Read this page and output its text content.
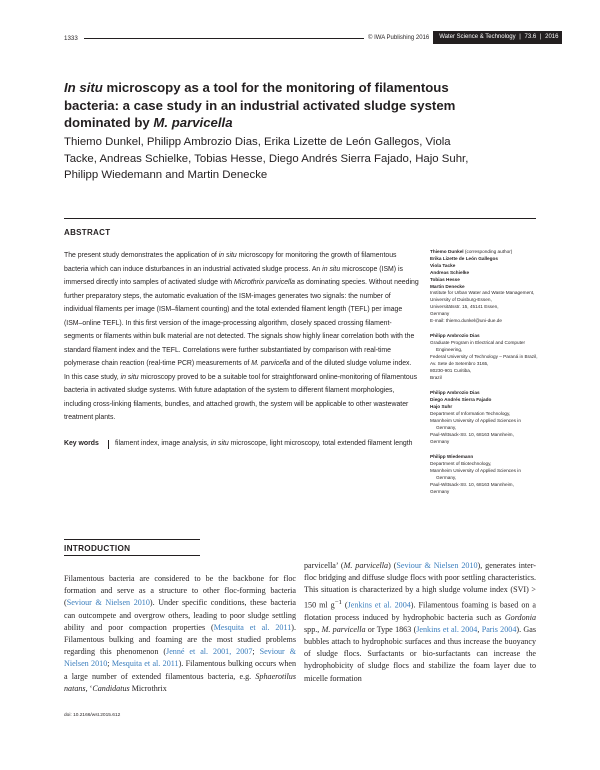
1333	© IWA Publishing 2016	Water Science & Technology | 73.6 | 2016
In situ microscopy as a tool for the monitoring of filamentous bacteria: a case study in an industrial activated sludge system dominated by M. parvicella
Thiemo Dunkel, Philipp Ambrozio Dias, Erika Lizette de León Gallegos, Viola Tacke, Andreas Schielke, Tobias Hesse, Diego Andrés Sierra Fajado, Hajo Suhr, Philipp Wiedemann and Martin Denecke
ABSTRACT
The present study demonstrates the application of in situ microscopy for monitoring the growth of filamentous bacteria which can induce disturbances in an industrial activated sludge process. An in situ microscope (ISM) is immersed directly into samples of activated sludge with Microthrix parvicella as dominating species. Without needing further preparatory steps, the automatic evaluation of the ISM-images generates two signals: the number of individual filaments per image (ISM–filament counting) and the total extended filament length (TEFL) per image (ISM–online TEFL). In this first version of the image-processing algorithm, closely spaced crossing filament-segments or filaments within bulk material are not detected. The signals show highly linear correlation both with the standard filament index and the TEFL. Correlations were further substantiated by comparison with real-time polymerase chain reaction (real-time PCR) measurements of M. parvicella and of the diluted sludge volume index. In this case study, in situ microscopy proved to be a suitable tool for straightforward online-monitoring of filamentous bacteria in activated sludge systems. With future adaptation of the system to different filament morphologies, including cross-linking filaments, bundles, and attached growth, the system will be applicable to other wastewater treatment plants.
Key words	filament index, image analysis, in situ microscope, light microscopy, total extended filament length
Thiemo Dunkel (corresponding author)
Erika Lizette de León Gallegos
Viola Tacke
Andreas Schielke
Tobias Hesse
Martin Denecke
Institute for Urban Water and Waste Management,
University of Duisburg-Essen,
Universitätsstr. 15, 45141 Essen,
Germany
E-mail: thiemo.dunkel@uni-due.de
Philipp Ambrozio Dias
Graduate Program in Electrical and Computer
Engineering,
Federal University of Technology – Paraná in Brazil,
Av. Sete de Setembro 3165,
80230-901 Curitiba,
Brazil
Philipp Ambrozio Dias
Diego Andrés Sierra Fajado
Hajo Suhr
Department of Information Technology,
Mannheim University of Applied Sciences in
Germany,
Paul-Wittsack-Str. 10, 68163 Mannheim,
Germany
Philipp Wiedemann
Department of Biotechnology,
Mannheim University of Applied Sciences in
Germany,
Paul-Wittsack-Str. 10, 68163 Mannheim,
Germany
INTRODUCTION
Filamentous bacteria are considered to be the backbone for floc formation and serve as a structure to other floc-forming bacteria (Seviour & Nielsen 2010). Under specific conditions, these bacteria can outcompete and overgrow others, leading to poor sludge settling ability and poor compaction properties (Mesquita et al. 2011). Filamentous bulking and foaming are the most studied problems regarding this phenomenon (Jenné et al. 2001, 2007; Seviour & Nielsen 2010; Mesquita et al. 2011). Filamentous bulking occurs when a large number of extended filamentous bacteria, e.g. Sphaerotilus natans, ‘Candidatus Microthrix
parvicella’ (M. parvicella) (Seviour & Nielsen 2010), generates inter-floc bridging and diffuse sludge flocs with poor settling characteristics. This situation is characterized by a high sludge volume index (SVI) > 150 ml $g^{-1}$ (Jenkins et al. 2004). Filamentous foaming is based on a flotation process induced by hydrophobic bacteria such as Gordonia spp., M. parvicella or Type 1863 (Jenkins et al. 2004, Paris 2004). Gas bubbles attach to hydrophobic surfaces and thus increase the buoyancy of sludge flocs. Surfactants or bio-surfactants can increase the hydrophobicity of sludge flocs and stabilize the foam layer due to micelle formation
doi: 10.2166/wst.2015.612
